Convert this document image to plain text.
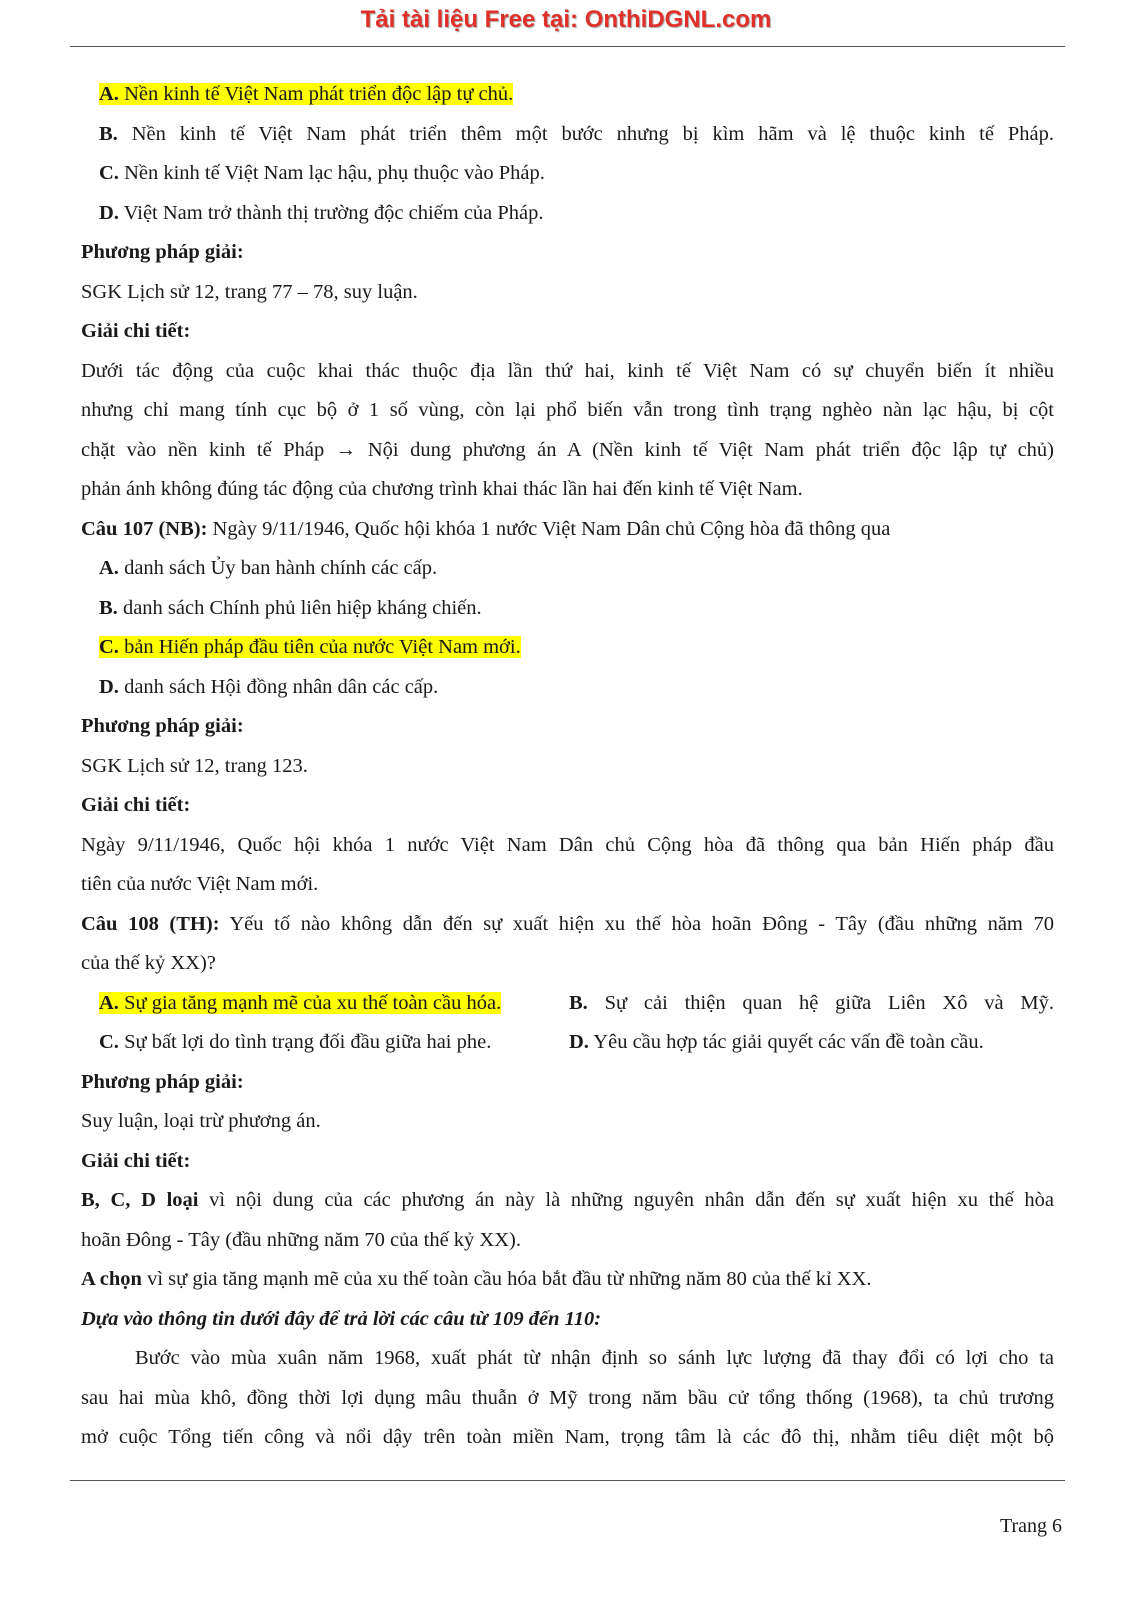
Tải tài liệu Free tại: OnthiDGNL.com
A. Nền kinh tế Việt Nam phát triển độc lập tự chủ.
B. Nền kinh tế Việt Nam phát triển thêm một bước nhưng bị kìm hãm và lệ thuộc kinh tế Pháp.
C. Nền kinh tế Việt Nam lạc hậu, phụ thuộc vào Pháp.
D. Việt Nam trở thành thị trường độc chiếm của Pháp.
Phương pháp giải:
SGK Lịch sử 12, trang 77 – 78, suy luận.
Giải chi tiết:
Dưới tác động của cuộc khai thác thuộc địa lần thứ hai, kinh tế Việt Nam có sự chuyển biến ít nhiều
nhưng chỉ mang tính cục bộ ở 1 số vùng, còn lại phổ biến vẫn trong tình trạng nghèo nàn lạc hậu, bị cột
chặt vào nền kinh tế Pháp → Nội dung phương án A (Nền kinh tế Việt Nam phát triển độc lập tự chủ)
phản ánh không đúng tác động của chương trình khai thác lần hai đến kinh tế Việt Nam.
Câu 107 (NB): Ngày 9/11/1946, Quốc hội khóa 1 nước Việt Nam Dân chủ Cộng hòa đã thông qua
A. danh sách Ủy ban hành chính các cấp.
B. danh sách Chính phủ liên hiệp kháng chiến.
C. bản Hiến pháp đầu tiên của nước Việt Nam mới.
D. danh sách Hội đồng nhân dân các cấp.
Phương pháp giải:
SGK Lịch sử 12, trang 123.
Giải chi tiết:
Ngày 9/11/1946, Quốc hội khóa 1 nước Việt Nam Dân chủ Cộng hòa đã thông qua bản Hiến pháp đầu
tiên của nước Việt Nam mới.
Câu 108 (TH): Yếu tố nào không dẫn đến sự xuất hiện xu thế hòa hoãn Đông - Tây (đầu những năm 70
của thế kỷ XX)?
A. Sự gia tăng mạnh mẽ của xu thế toàn cầu hóa.	B. Sự cải thiện quan hệ giữa Liên Xô và Mỹ.
C. Sự bất lợi do tình trạng đối đầu giữa hai phe.	D. Yêu cầu hợp tác giải quyết các vấn đề toàn cầu.
Phương pháp giải:
Suy luận, loại trừ phương án.
Giải chi tiết:
B, C, D loại vì nội dung của các phương án này là những nguyên nhân dẫn đến sự xuất hiện xu thế hòa
hoãn Đông - Tây (đầu những năm 70 của thế kỷ XX).
A chọn vì sự gia tăng mạnh mẽ của xu thế toàn cầu hóa bắt đầu từ những năm 80 của thế kỉ XX.
Dựa vào thông tin dưới đây để trả lời các câu từ 109 đến 110:
Bước vào mùa xuân năm 1968, xuất phát từ nhận định so sánh lực lượng đã thay đổi có lợi cho ta
sau hai mùa khô, đồng thời lợi dụng mâu thuẫn ở Mỹ trong năm bầu cử tổng thống (1968), ta chủ trương
mở cuộc Tổng tiến công và nổi dậy trên toàn miền Nam, trọng tâm là các đô thị, nhằm tiêu diệt một bộ
Trang 6
